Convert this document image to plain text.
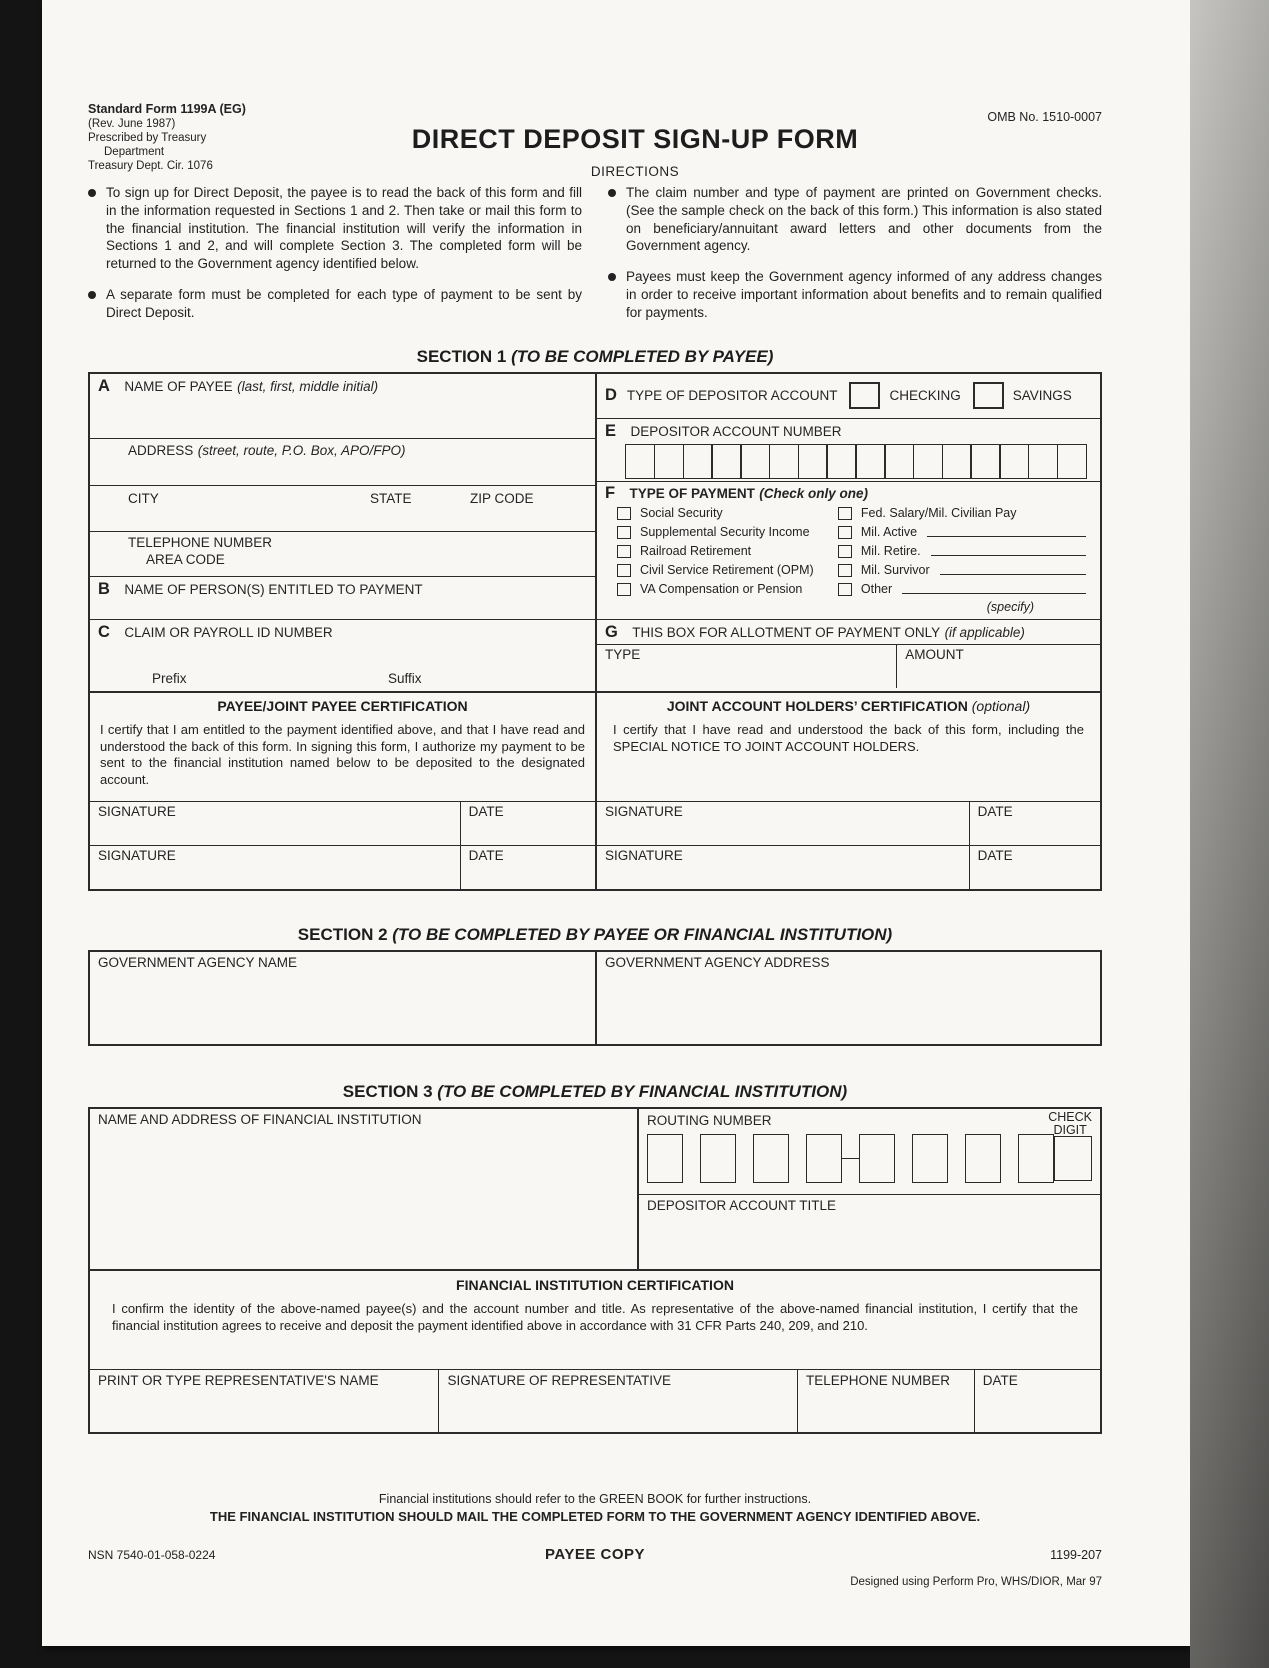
Standard Form 1199A (EG)
(Rev. June 1987)
Prescribed by Treasury
Department
Treasury Dept. Cir. 1076
DIRECT DEPOSIT SIGN-UP FORM
DIRECTIONS
OMB No. 1510-0007
To sign up for Direct Deposit, the payee is to read the back of this form and fill in the information requested in Sections 1 and 2. Then take or mail this form to the financial institution. The financial institution will verify the information in Sections 1 and 2, and will complete Section 3. The completed form will be returned to the Government agency identified below.
A separate form must be completed for each type of payment to be sent by Direct Deposit.
The claim number and type of payment are printed on Government checks. (See the sample check on the back of this form.) This information is also stated on beneficiary/annuitant award letters and other documents from the Government agency.
Payees must keep the Government agency informed of any address changes in order to receive important information about benefits and to remain qualified for payments.
SECTION 1 (TO BE COMPLETED BY PAYEE)
A NAME OF PAYEE (last, first, middle initial)
ADDRESS (street, route, P.O. Box, APO/FPO)
CITY	STATE	ZIP CODE
TELEPHONE NUMBER
AREA CODE
B NAME OF PERSON(S) ENTITLED TO PAYMENT
C CLAIM OR PAYROLL ID NUMBER
Prefix	Suffix
D TYPE OF DEPOSITOR ACCOUNT	CHECKING	SAVINGS
E DEPOSITOR ACCOUNT NUMBER
F TYPE OF PAYMENT (Check only one)
Social Security
Supplemental Security Income
Railroad Retirement
Civil Service Retirement (OPM)
VA Compensation or Pension
Fed. Salary/Mil. Civilian Pay
Mil. Active
Mil. Retire.
Mil. Survivor
Other
(specify)
G THIS BOX FOR ALLOTMENT OF PAYMENT ONLY (if applicable)
TYPE	AMOUNT
PAYEE/JOINT PAYEE CERTIFICATION
I certify that I am entitled to the payment identified above, and that I have read and understood the back of this form. In signing this form, I authorize my payment to be sent to the financial institution named below to be deposited to the designated account.
JOINT ACCOUNT HOLDERS’ CERTIFICATION (optional)
I certify that I have read and understood the back of this form, including the SPECIAL NOTICE TO JOINT ACCOUNT HOLDERS.
SIGNATURE	DATE	SIGNATURE	DATE
SIGNATURE	DATE	SIGNATURE	DATE
SECTION 2 (TO BE COMPLETED BY PAYEE OR FINANCIAL INSTITUTION)
GOVERNMENT AGENCY NAME	GOVERNMENT AGENCY ADDRESS
SECTION 3 (TO BE COMPLETED BY FINANCIAL INSTITUTION)
NAME AND ADDRESS OF FINANCIAL INSTITUTION	ROUTING NUMBER	CHECK
DIGIT
DEPOSITOR ACCOUNT TITLE
FINANCIAL INSTITUTION CERTIFICATION
I confirm the identity of the above-named payee(s) and the account number and title. As representative of the above-named financial institution, I certify that the financial institution agrees to receive and deposit the payment identified above in accordance with 31 CFR Parts 240, 209, and 210.
PRINT OR TYPE REPRESENTATIVE'S NAME	SIGNATURE OF REPRESENTATIVE	TELEPHONE NUMBER	DATE
Financial institutions should refer to the GREEN BOOK for further instructions.
THE FINANCIAL INSTITUTION SHOULD MAIL THE COMPLETED FORM TO THE GOVERNMENT AGENCY IDENTIFIED ABOVE.
NSN 7540-01-058-0224	PAYEE COPY	1199-207
Designed using Perform Pro, WHS/DIOR, Mar 97
